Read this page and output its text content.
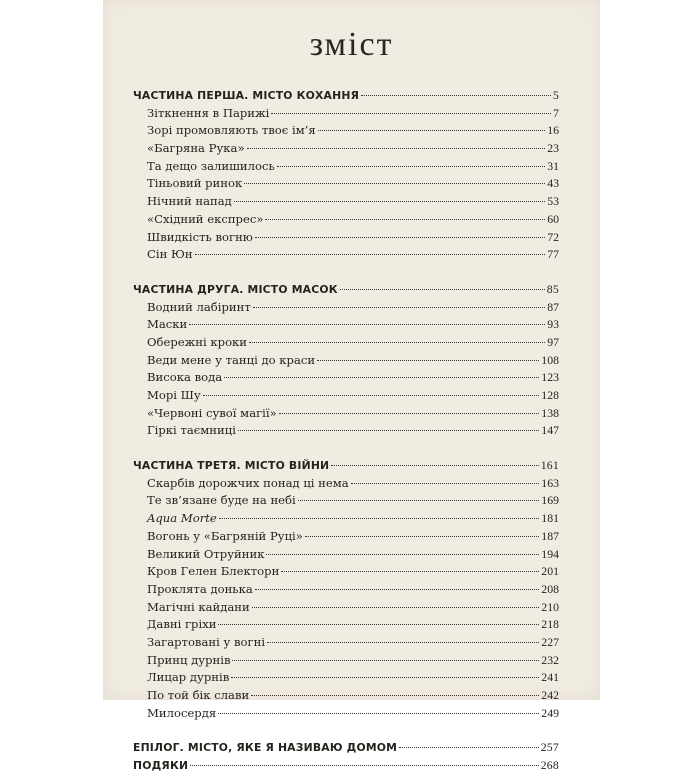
зміст
ЧАСТИНА ПЕРША. МІСТО КОХАННЯ	5
Зіткнення в Парижі	7
Зорі промовляють твоє ім’я	16
«Багряна Рука»	23
Та дещо залишилось	31
Тіньовий ринок	43
Нічний напад	53
«Східний експрес»	60
Швидкість вогню	72
Сін Юн	77
ЧАСТИНА ДРУГА. МІСТО МАСОК	85
Водний лабіринт	87
Маски	93
Обережні кроки	97
Веди мене у танці до краси	108
Висока вода	123
Морі Шу	128
«Червоні сувої магії»	138
Гіркі таємниці	147
ЧАСТИНА ТРЕТЯ. МІСТО ВІЙНИ	161
Скарбів дорожчих понад ці нема	163
Те зв’язане буде на небі	169
Aqua Morte	181
Вогонь у «Багряній Руці»	187
Великий Отруйник	194
Кров Гелен Блекторн	201
Проклята донька	208
Магічні кайдани	210
Давні гріхи	218
Загартовані у вогні	227
Принц дурнів	232
Лицар дурнів	241
По той бік слави	242
Милосердя	249
ЕПІЛОГ. МІСТО, ЯКЕ Я НАЗИВАЮ ДОМОМ	257
ПОДЯКИ	268
